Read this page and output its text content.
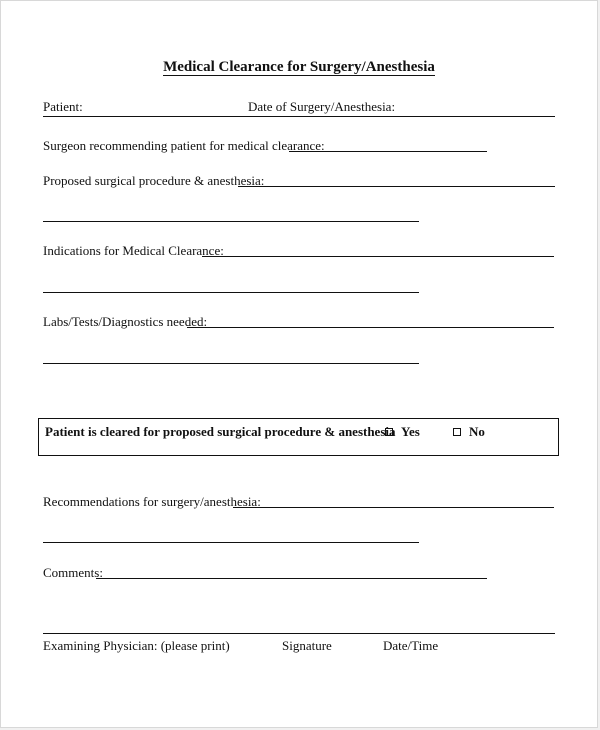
Medical Clearance for Surgery/Anesthesia
Patient:	Date of Surgery/Anesthesia:
Surgeon recommending patient for medical clearance:
Proposed surgical procedure & anesthesia:
Indications for Medical Clearance:
Labs/Tests/Diagnostics needed:
Patient is cleared for proposed surgical procedure & anesthesia Yes	No
Recommendations for surgery/anesthesia:
Comments:
Examining Physician: (please print)	Signature	Date/Time
